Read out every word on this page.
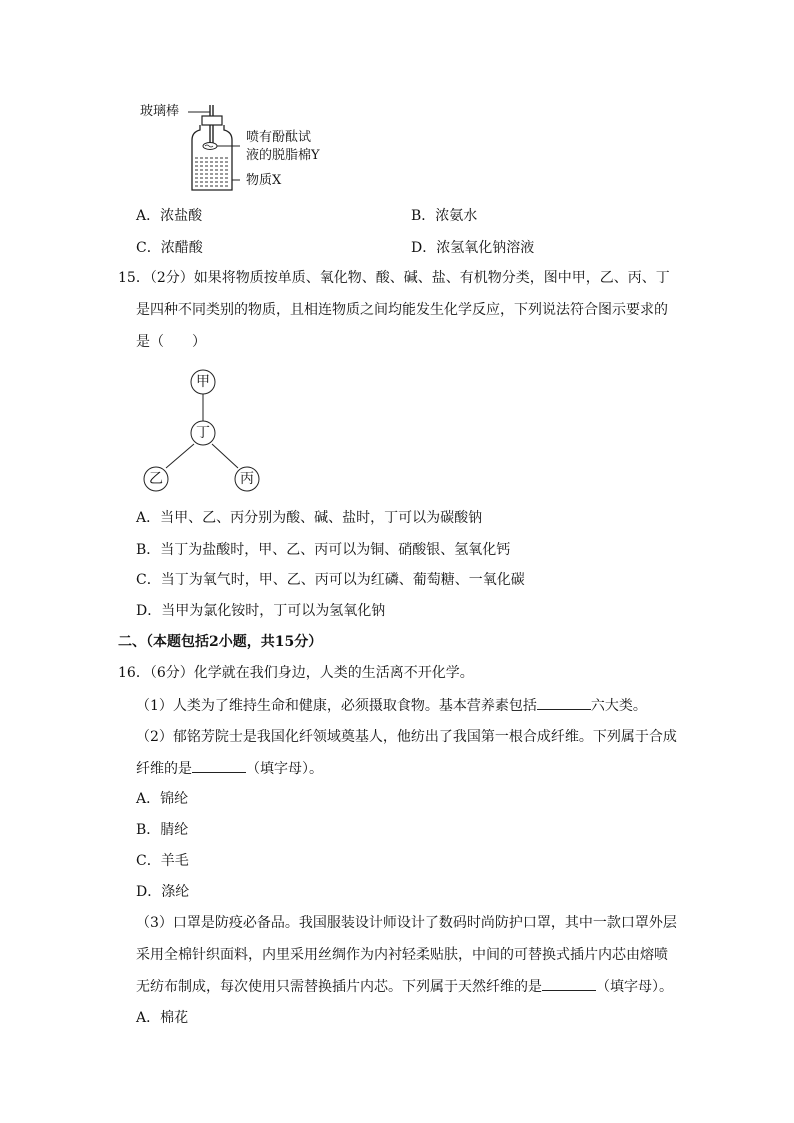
玻璃棒
喷有酚酞试
液的脱脂棉Y
物质X
A．浓盐酸	B．浓氨水
C．浓醋酸	D．浓氢氧化钠溶液
15．（2分）如果将物质按单质、氧化物、酸、碱、盐、有机物分类，图中甲，乙、丙、丁
是四种不同类别的物质，且相连物质之间均能发生化学反应，下列说法符合图示要求的
是（　　）
甲
丁
乙	丙
A．当甲、乙、丙分别为酸、碱、盐时，丁可以为碳酸钠
B．当丁为盐酸时，甲、乙、丙可以为铜、硝酸银、氢氧化钙
C．当丁为氧气时，甲、乙、丙可以为红磷、葡萄糖、一氧化碳
D．当甲为氯化铵时，丁可以为氢氧化钠
二、（本题包括2小题，共15分）
16．（6分）化学就在我们身边，人类的生活离不开化学。
（1）人类为了维持生命和健康，必须摄取食物。基本营养素包括	六大类。
（2）郁铭芳院士是我国化纤领域奠基人，他纺出了我国第一根合成纤维。下列属于合成
纤维的是	（填字母）。
A．锦纶
B．腈纶
C．羊毛
D．涤纶
（3）口罩是防疫必备品。我国服装设计师设计了数码时尚防护口罩，其中一款口罩外层
采用全棉针织面料，内里采用丝绸作为内衬轻柔贴肤，中间的可替换式插片内芯由熔喷
无纺布制成，每次使用只需替换插片内芯。下列属于天然纤维的是	（填字母）。
A．棉花
